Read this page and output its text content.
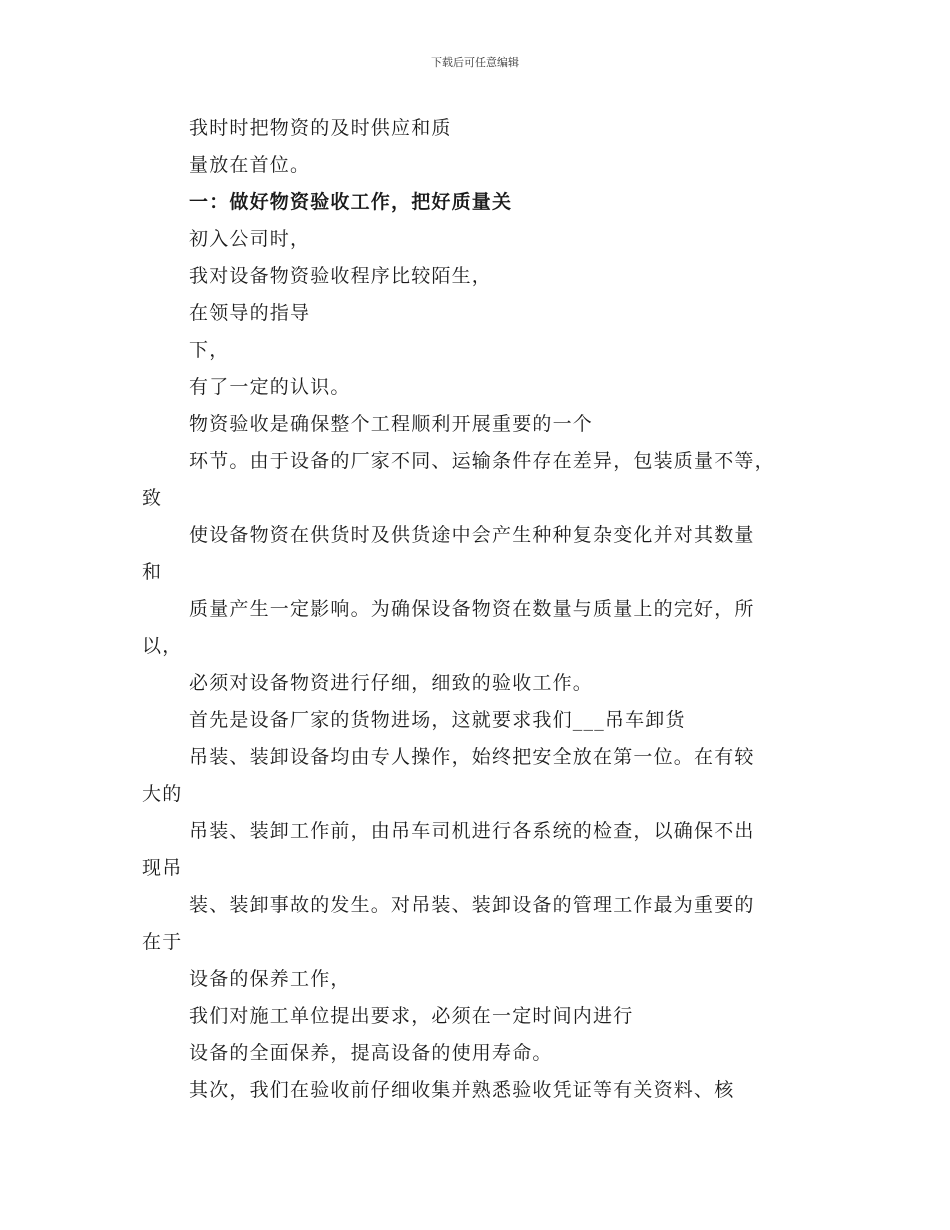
下载后可任意编辑
我时时把物资的及时供应和质
量放在首位。
一：做好物资验收工作，把好质量关
初入公司时，
我对设备物资验收程序比较陌生，
在领导的指导
下，
有了一定的认识。
物资验收是确保整个工程顺利开展重要的一个
环节。由于设备的厂家不同、运输条件存在差异，包装质量不等，
致
使设备物资在供货时及供货途中会产生种种复杂变化并对其数量
和
质量产生一定影响。为确保设备物资在数量与质量上的完好，所
以，
必须对设备物资进行仔细，细致的验收工作。
首先是设备厂家的货物进场，这就要求我们___吊车卸货
吊装、装卸设备均由专人操作，始终把安全放在第一位。在有较
大的
吊装、装卸工作前，由吊车司机进行各系统的检查，以确保不出
现吊
装、装卸事故的发生。对吊装、装卸设备的管理工作最为重要的
在于
设备的保养工作，
我们对施工单位提出要求，必须在一定时间内进行
设备的全面保养，提高设备的使用寿命。
其次，我们在验收前仔细收集并熟悉验收凭证等有关资料、核
